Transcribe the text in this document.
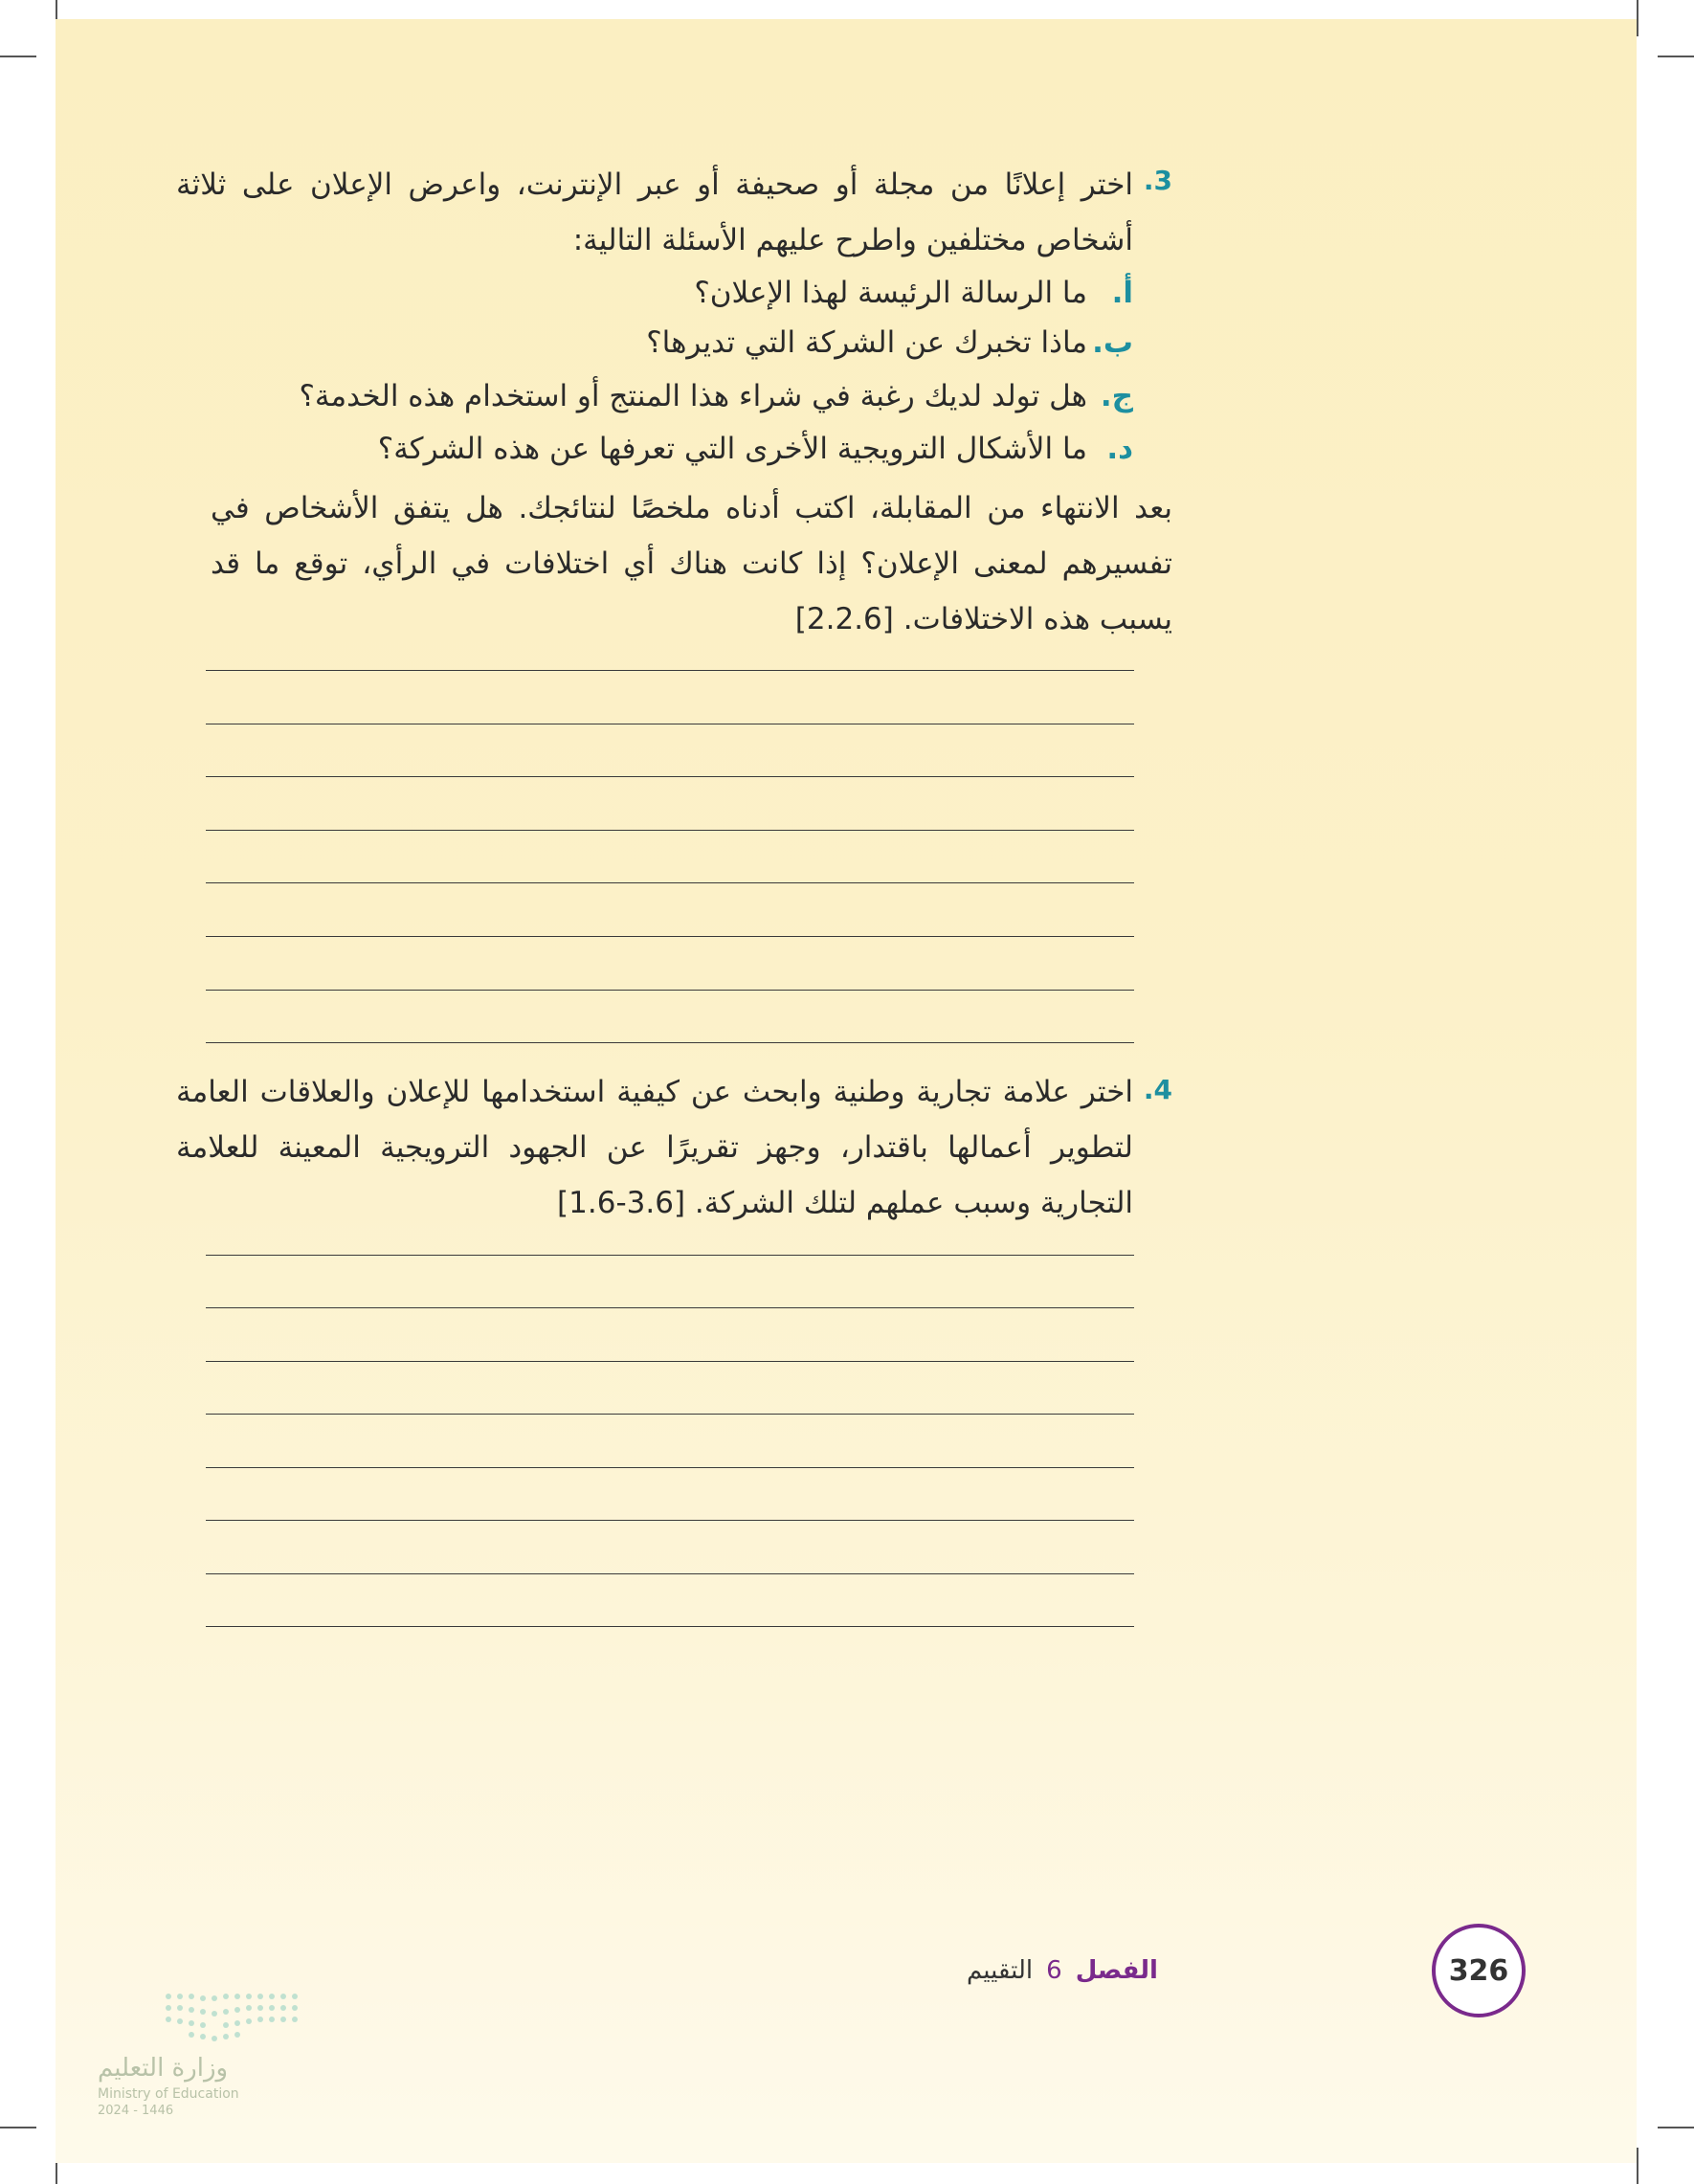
3.
اختر إعلانًا من مجلة أو صحيفة أو عبر الإنترنت، واعرض الإعلان على ثلاثة أشخاص مختلفين واطرح عليهم الأسئلة التالية:
أ.ما الرسالة الرئيسة لهذا الإعلان؟
ب.ماذا تخبرك عن الشركة التي تديرها؟
ج.هل تولد لديك رغبة في شراء هذا المنتج أو استخدام هذه الخدمة؟
د.ما الأشكال الترويجية الأخرى التي تعرفها عن هذه الشركة؟
بعد الانتهاء من المقابلة، اكتب أدناه ملخصًا لنتائجك. هل يتفق الأشخاص في تفسيرهم لمعنى الإعلان؟ إذا كانت هناك أي اختلافات في الرأي، توقع ما قد يسبب هذه الاختلافات. [2.2.6]
4.
اختر علامة تجارية وطنية وابحث عن كيفية استخدامها للإعلان والعلاقات العامة لتطوير أعمالها باقتدار، وجهز تقريرًا عن الجهود الترويجية المعينة للعلامة التجارية وسبب عملهم لتلك الشركة. [3.6-1.6]
326
الفصل6التقييم
وزارة التعليم
Ministry of Education
2024 - 1446
